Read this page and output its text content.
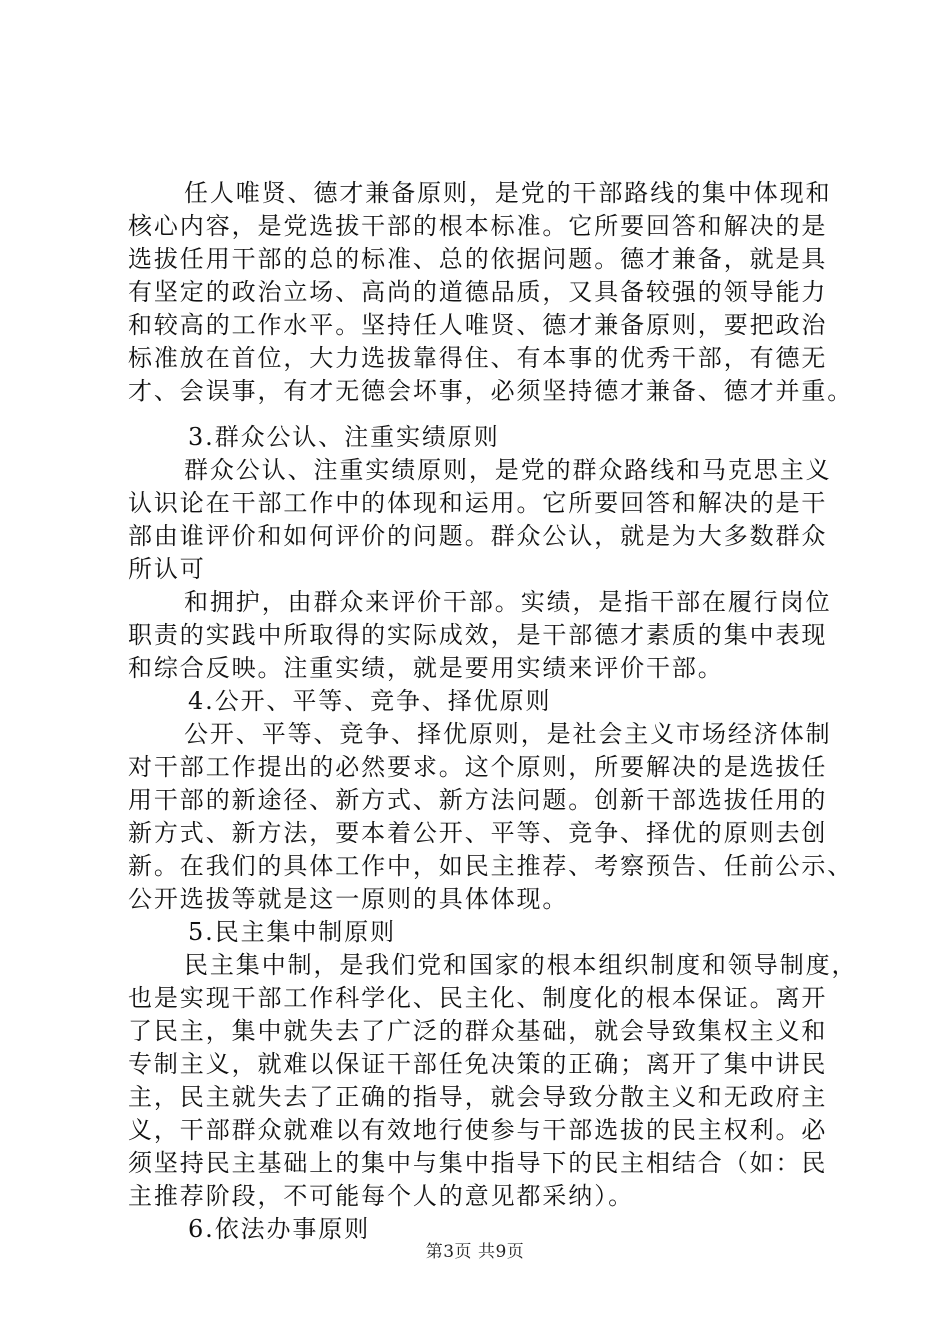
任人唯贤、德才兼备原则，是党的干部路线的集中体现和
核心内容，是党选拔干部的根本标准。它所要回答和解决的是
选拔任用干部的总的标准、总的依据问题。德才兼备，就是具
有坚定的政治立场、高尚的道德品质，又具备较强的领导能力
和较高的工作水平。坚持任人唯贤、德才兼备原则，要把政治
标准放在首位，大力选拔靠得住、有本事的优秀干部，有德无
才、会误事，有才无德会坏事，必须坚持德才兼备、德才并重。
3.群众公认、注重实绩原则
群众公认、注重实绩原则，是党的群众路线和马克思主义
认识论在干部工作中的体现和运用。它所要回答和解决的是干
部由谁评价和如何评价的问题。群众公认，就是为大多数群众
所认可
和拥护，由群众来评价干部。实绩，是指干部在履行岗位
职责的实践中所取得的实际成效，是干部德才素质的集中表现
和综合反映。注重实绩，就是要用实绩来评价干部。
4.公开、平等、竞争、择优原则
公开、平等、竞争、择优原则，是社会主义市场经济体制
对干部工作提出的必然要求。这个原则，所要解决的是选拔任
用干部的新途径、新方式、新方法问题。创新干部选拔任用的
新方式、新方法，要本着公开、平等、竞争、择优的原则去创
新。在我们的具体工作中，如民主推荐、考察预告、任前公示、
公开选拔等就是这一原则的具体体现。
5.民主集中制原则
民主集中制，是我们党和国家的根本组织制度和领导制度，
也是实现干部工作科学化、民主化、制度化的根本保证。离开
了民主，集中就失去了广泛的群众基础，就会导致集权主义和
专制主义，就难以保证干部任免决策的正确；离开了集中讲民
主，民主就失去了正确的指导，就会导致分散主义和无政府主
义，干部群众就难以有效地行使参与干部选拔的民主权利。必
须坚持民主基础上的集中与集中指导下的民主相结合（如：民
主推荐阶段，不可能每个人的意见都采纳）。
6.依法办事原则
第3页 共9页
